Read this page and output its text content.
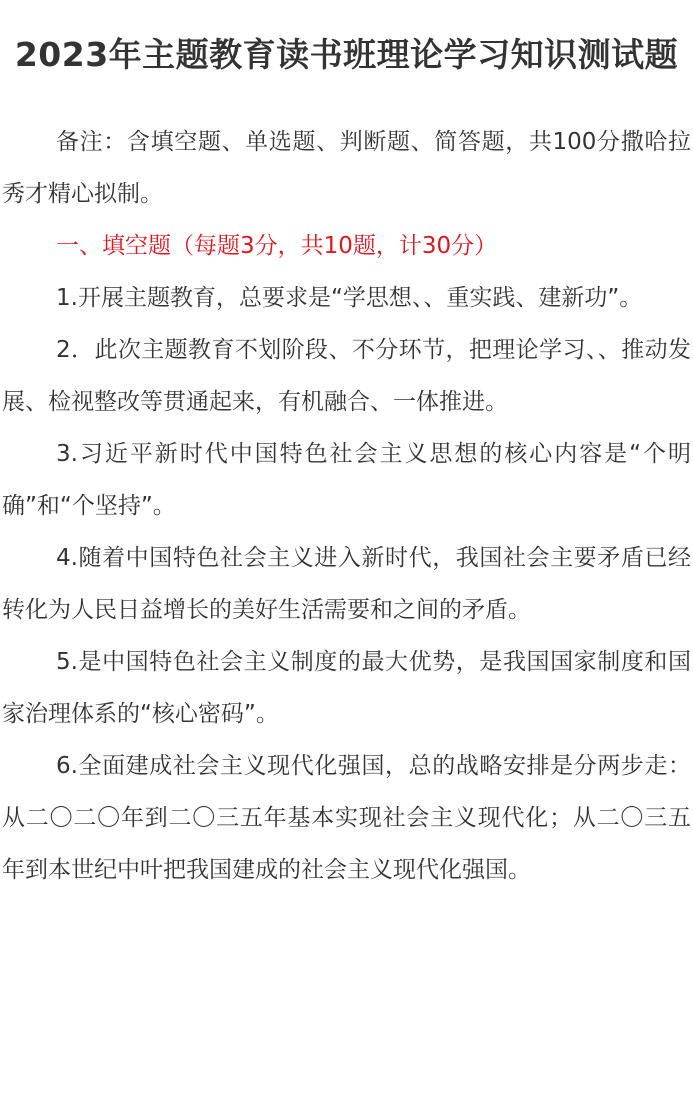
2023年主题教育读书班理论学习知识测试题

备注：含填空题、单选题、判断题、简答题，共100分撒哈拉秀才精心拟制。

一、填空题（每题3分，共10题，计30分）

1.开展主题教育，总要求是“学思想、、重实践、建新功”。

2．此次主题教育不划阶段、不分环节，把理论学习、、推动发展、检视整改等贯通起来，有机融合、一体推进。

3.习近平新时代中国特色社会主义思想的核心内容是“个明确”和“个坚持”。

4.随着中国特色社会主义进入新时代，我国社会主要矛盾已经转化为人民日益增长的美好生活需要和之间的矛盾。

5.是中国特色社会主义制度的最大优势，是我国国家制度和国家治理体系的“核心密码”。

6.全面建成社会主义现代化强国，总的战略安排是分两步走：从二〇二〇年到二〇三五年基本实现社会主义现代化；从二〇三五年到本世纪中叶把我国建成的社会主义现代化强国。
